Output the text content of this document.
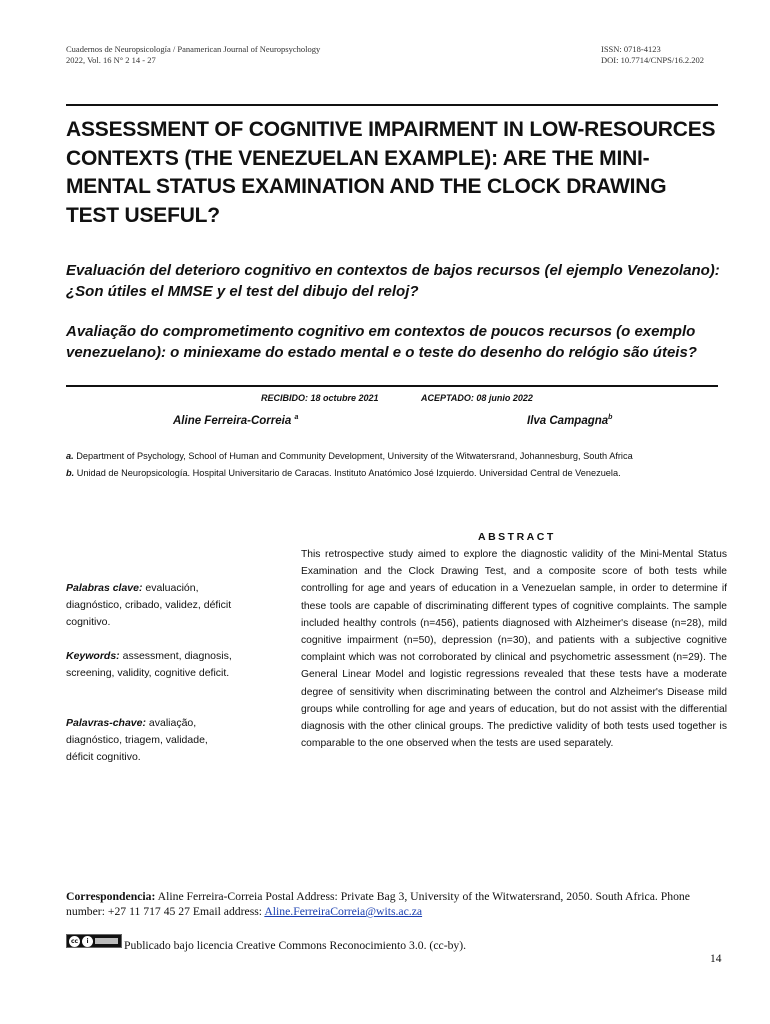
Cuadernos de Neuropsicología / Panamerican Journal of Neuropsychology
2022, Vol. 16 N° 2 14 - 27
ISSN: 0718-4123
DOI: 10.7714/CNPS/16.2.202
ASSESSMENT OF COGNITIVE IMPAIRMENT IN LOW-RESOURCES CONTEXTS (THE VENEZUELAN EXAMPLE): ARE THE MINI-MENTAL STATUS EXAMINATION AND THE CLOCK DRAWING TEST USEFUL?
Evaluación del deterioro cognitivo en contextos de bajos recursos (el ejemplo Venezolano): ¿Son útiles el MMSE y el test del dibujo del reloj?
Avaliação do comprometimento cognitivo em contextos de poucos recursos (o exemplo venezuelano): o miniexame do estado mental e o teste do desenho do relógio são úteis?
RECIBIDO: 18 octubre 2021	ACEPTADO: 08 junio 2022
Aline Ferreira-Correia $^a$	Ilva Campagna$^b$
a. Department of Psychology, School of Human and Community Development, University of the Witwatersrand, Johannesburg, South Africa
b. Unidad de Neuropsicología. Hospital Universitario de Caracas. Instituto Anatómico José Izquierdo. Universidad Central de Venezuela.
Palabras clave: evaluación, diagnóstico, cribado, validez, déficit cognitivo.
Keywords: assessment, diagnosis, screening, validity, cognitive deficit.
Palavras-chave: avaliação, diagnóstico, triagem, validade, déficit cognitivo.
ABSTRACT
This retrospective study aimed to explore the diagnostic validity of the Mini-Mental Status Examination and the Clock Drawing Test, and a composite score of both tests while controlling for age and years of education in a Venezuelan sample, in order to determine if these tools are capable of discriminating different types of cognitive complaints. The sample included healthy controls (n=456), patients diagnosed with Alzheimer's disease (n=28), mild cognitive impairment (n=50), depression (n=30), and patients with a subjective cognitive complaint which was not corroborated by clinical and psychometric assessment (n=29). The General Linear Model and logistic regressions revealed that these tests have a moderate degree of sensitivity when discriminating between the control and Alzheimer's Disease mild groups while controlling for age and years of education, but do not assist with the differential diagnosis with the other clinical groups. The predictive validity of both tests used together is comparable to the one observed when the tests are used separately.
Correspondencia: Aline Ferreira-Correia Postal Address: Private Bag 3, University of the Witwatersrand, 2050. South Africa. Phone number: +27 11 717 45 27 Email address: Aline.FerreiraCorreia@wits.ac.za
cc	i	Publicado bajo licencia Creative Commons Reconocimiento 3.0. (cc-by).
14
